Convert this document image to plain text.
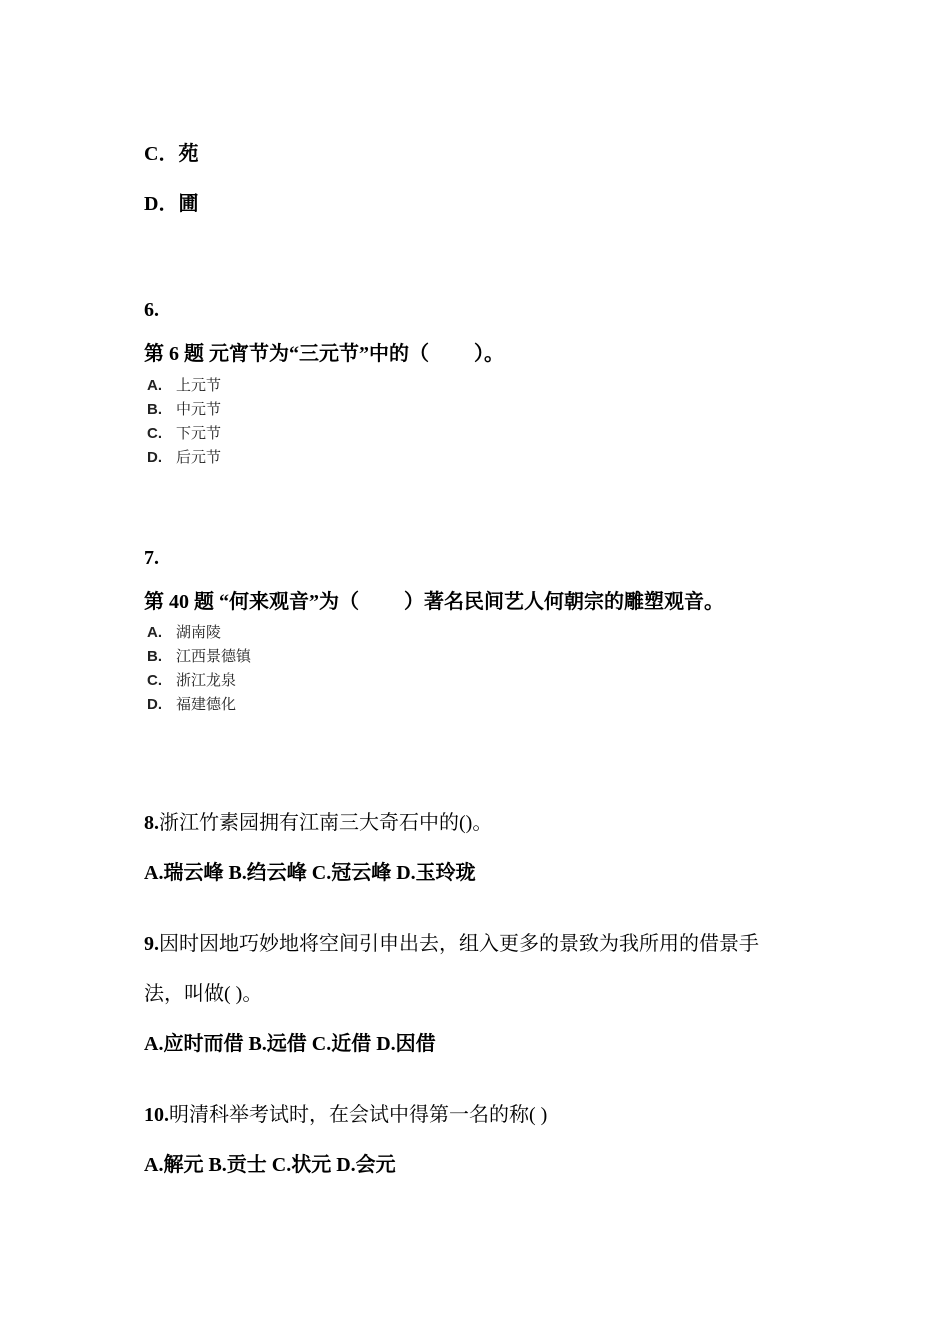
C．苑
D．圃
6.
第 6 题 元宵节为“三元节”中的（　　 ）。
A. 上元节
B. 中元节
C. 下元节
D. 后元节
7.
第 40 题 “何来观音”为（　　 ）著名民间艺人何朝宗的雕塑观音。
A. 湖南陵
B. 江西景德镇
C. 浙江龙泉
D. 福建德化
8.浙江竹素园拥有江南三大奇石中的()。
A.瑞云峰 B.绉云峰 C.冠云峰 D.玉玲珑
9.因时因地巧妙地将空间引申出去，组入更多的景致为我所用的借景手
法，叫做( )。
A.应时而借 B.远借 C.近借 D.因借
10.明清科举考试时，在会试中得第一名的称( )
A.解元 B.贡士 C.状元 D.会元
